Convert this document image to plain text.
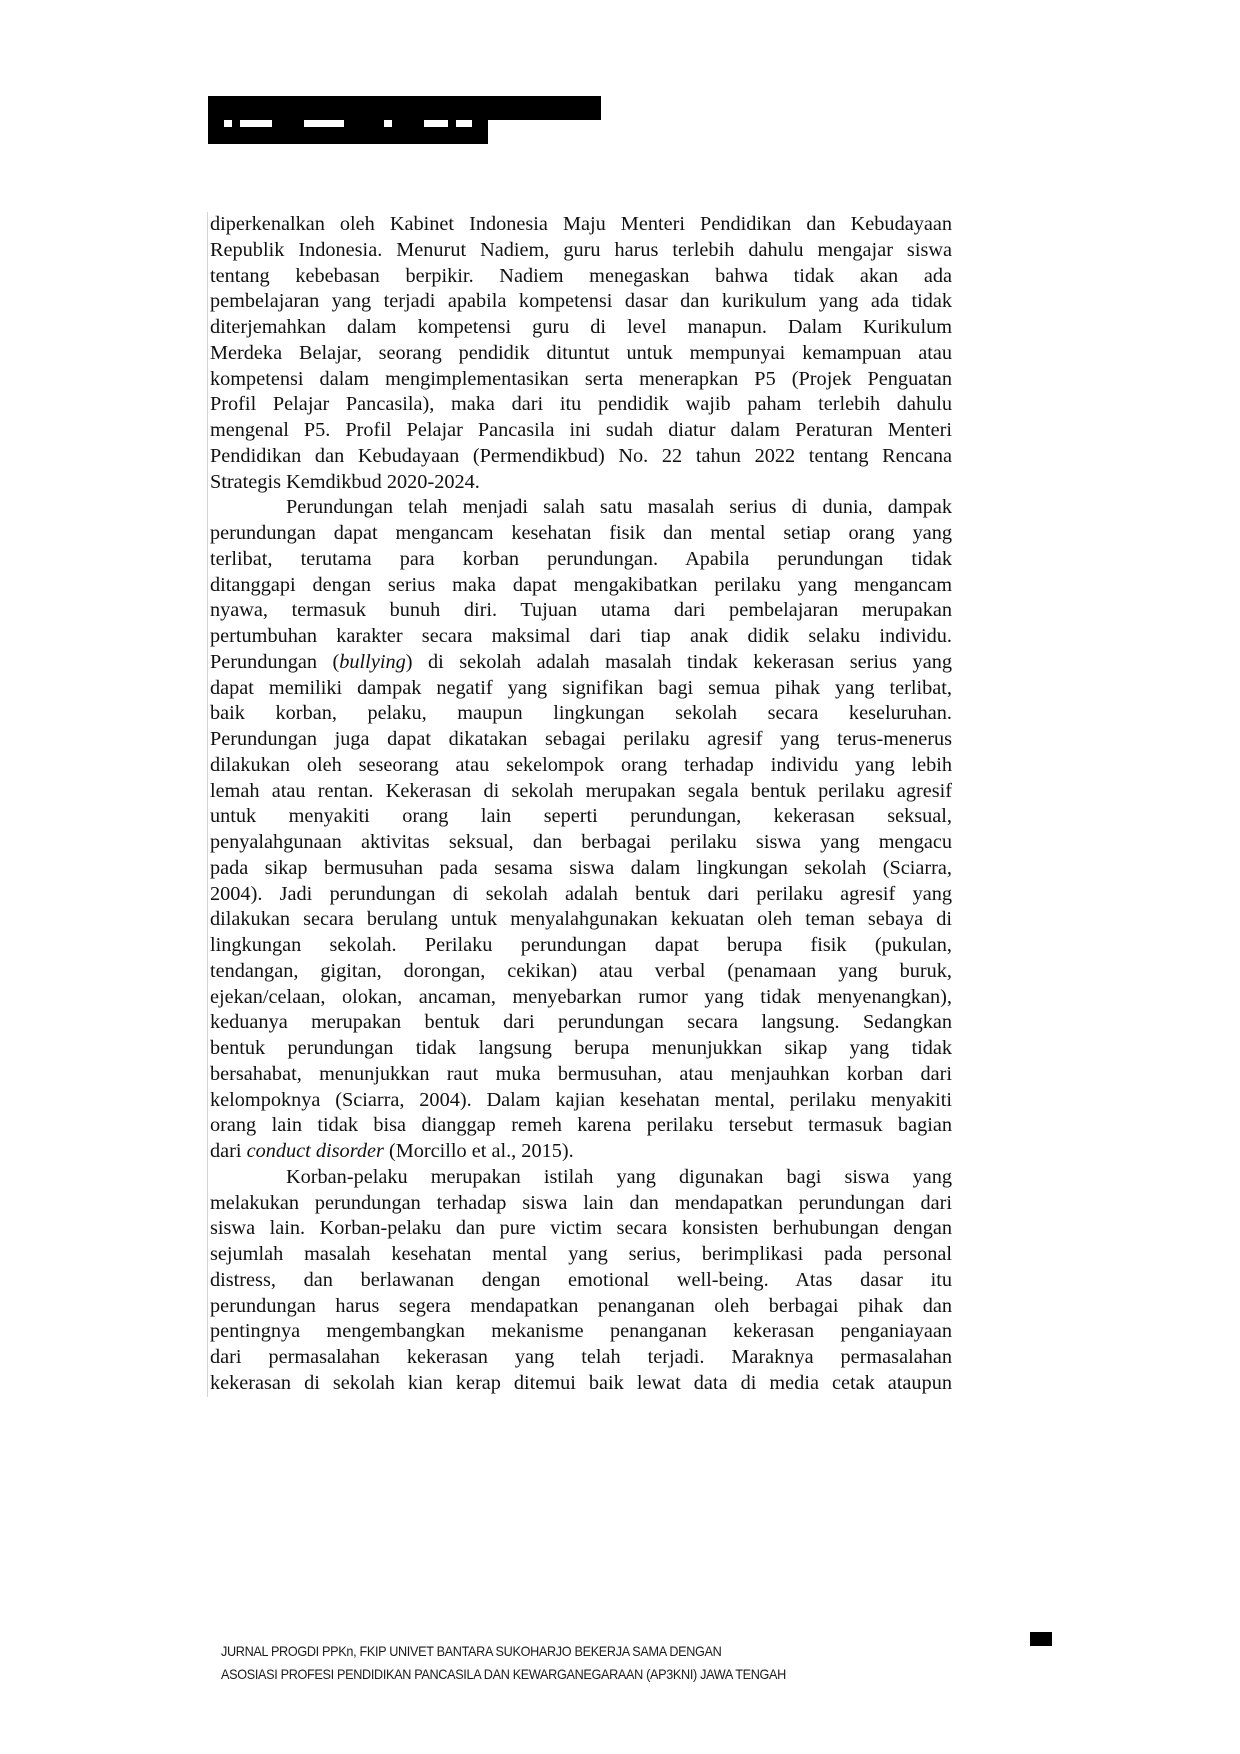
diperkenalkan oleh Kabinet Indonesia Maju Menteri Pendidikan dan Kebudayaan
Republik Indonesia. Menurut Nadiem, guru harus terlebih dahulu mengajar siswa
tentang kebebasan berpikir. Nadiem menegaskan bahwa tidak akan ada
pembelajaran yang terjadi apabila kompetensi dasar dan kurikulum yang ada tidak
diterjemahkan dalam kompetensi guru di level manapun. Dalam Kurikulum
Merdeka Belajar, seorang pendidik dituntut untuk mempunyai kemampuan atau
kompetensi dalam mengimplementasikan serta menerapkan P5 (Projek Penguatan
Profil Pelajar Pancasila), maka dari itu pendidik wajib paham terlebih dahulu
mengenal P5. Profil Pelajar Pancasila ini sudah diatur dalam Peraturan Menteri
Pendidikan dan Kebudayaan (Permendikbud) No. 22 tahun 2022 tentang Rencana
Strategis Kemdikbud 2020-2024.
Perundungan telah menjadi salah satu masalah serius di dunia, dampak
perundungan dapat mengancam kesehatan fisik dan mental setiap orang yang
terlibat, terutama para korban perundungan. Apabila perundungan tidak
ditanggapi dengan serius maka dapat mengakibatkan perilaku yang mengancam
nyawa, termasuk bunuh diri. Tujuan utama dari pembelajaran merupakan
pertumbuhan karakter secara maksimal dari tiap anak didik selaku individu.
Perundungan (bullying) di sekolah adalah masalah tindak kekerasan serius yang
dapat memiliki dampak negatif yang signifikan bagi semua pihak yang terlibat,
baik korban, pelaku, maupun lingkungan sekolah secara keseluruhan.
Perundungan juga dapat dikatakan sebagai perilaku agresif yang terus-menerus
dilakukan oleh seseorang atau sekelompok orang terhadap individu yang lebih
lemah atau rentan. Kekerasan di sekolah merupakan segala bentuk perilaku agresif
untuk menyakiti orang lain seperti perundungan, kekerasan seksual,
penyalahgunaan aktivitas seksual, dan berbagai perilaku siswa yang mengacu
pada sikap bermusuhan pada sesama siswa dalam lingkungan sekolah (Sciarra,
2004). Jadi perundungan di sekolah adalah bentuk dari perilaku agresif yang
dilakukan secara berulang untuk menyalahgunakan kekuatan oleh teman sebaya di
lingkungan sekolah. Perilaku perundungan dapat berupa fisik (pukulan,
tendangan, gigitan, dorongan, cekikan) atau verbal (penamaan yang buruk,
ejekan/celaan, olokan, ancaman, menyebarkan rumor yang tidak menyenangkan),
keduanya merupakan bentuk dari perundungan secara langsung. Sedangkan
bentuk perundungan tidak langsung berupa menunjukkan sikap yang tidak
bersahabat, menunjukkan raut muka bermusuhan, atau menjauhkan korban dari
kelompoknya (Sciarra, 2004). Dalam kajian kesehatan mental, perilaku menyakiti
orang lain tidak bisa dianggap remeh karena perilaku tersebut termasuk bagian
dari conduct disorder (Morcillo et al., 2015).
Korban-pelaku merupakan istilah yang digunakan bagi siswa yang
melakukan perundungan terhadap siswa lain dan mendapatkan perundungan dari
siswa lain. Korban-pelaku dan pure victim secara konsisten berhubungan dengan
sejumlah masalah kesehatan mental yang serius, berimplikasi pada personal
distress, dan berlawanan dengan emotional well-being. Atas dasar itu
perundungan harus segera mendapatkan penanganan oleh berbagai pihak dan
pentingnya mengembangkan mekanisme penanganan kekerasan penganiayaan
dari permasalahan kekerasan yang telah terjadi. Maraknya permasalahan
kekerasan di sekolah kian kerap ditemui baik lewat data di media cetak ataupun
JURNAL PROGDI PPKn, FKIP UNIVET BANTARA SUKOHARJO BEKERJA SAMA DENGAN
ASOSIASI PROFESI PENDIDIKAN PANCASILA DAN KEWARGANEGARAAN (AP3KNI) JAWA TENGAH
